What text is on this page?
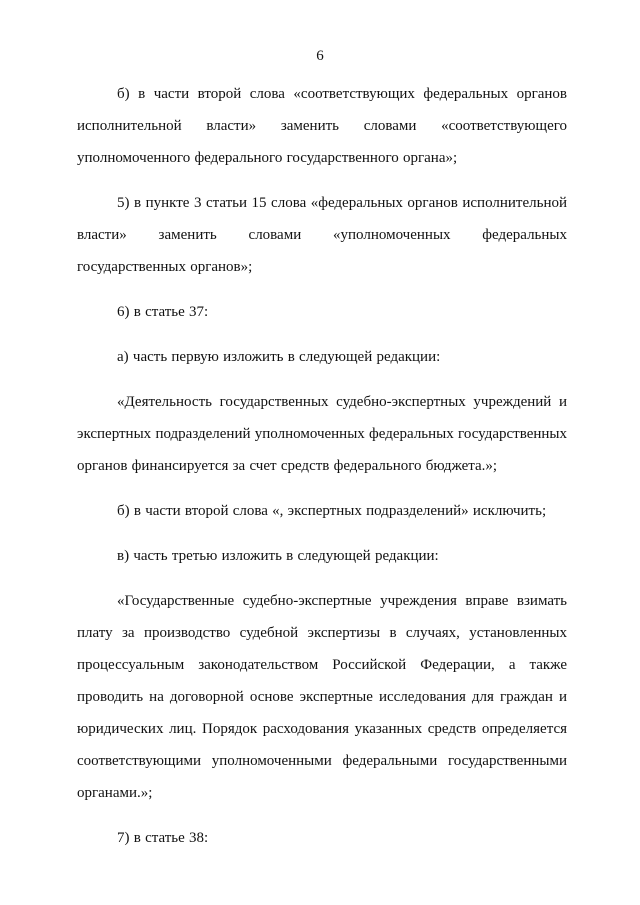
6

б) в части второй слова «соответствующих федеральных органов исполнительной власти» заменить словами «соответствующего уполномоченного федерального государственного органа»;

5) в пункте 3 статьи 15 слова «федеральных органов исполнительной власти» заменить словами «уполномоченных федеральных государственных органов»;

6) в статье 37:

а) часть первую изложить в следующей редакции:

«Деятельность государственных судебно-экспертных учреждений и экспертных подразделений уполномоченных федеральных государственных органов финансируется за счет средств федерального бюджета.»;

б) в части второй слова «, экспертных подразделений» исключить;

в) часть третью изложить в следующей редакции:

«Государственные судебно-экспертные учреждения вправе взимать плату за производство судебной экспертизы в случаях, установленных процессуальным законодательством Российской Федерации, а также проводить на договорной основе экспертные исследования для граждан и юридических лиц. Порядок расходования указанных средств определяется соответствующими уполномоченными федеральными государственными органами.»;

7) в статье 38:
